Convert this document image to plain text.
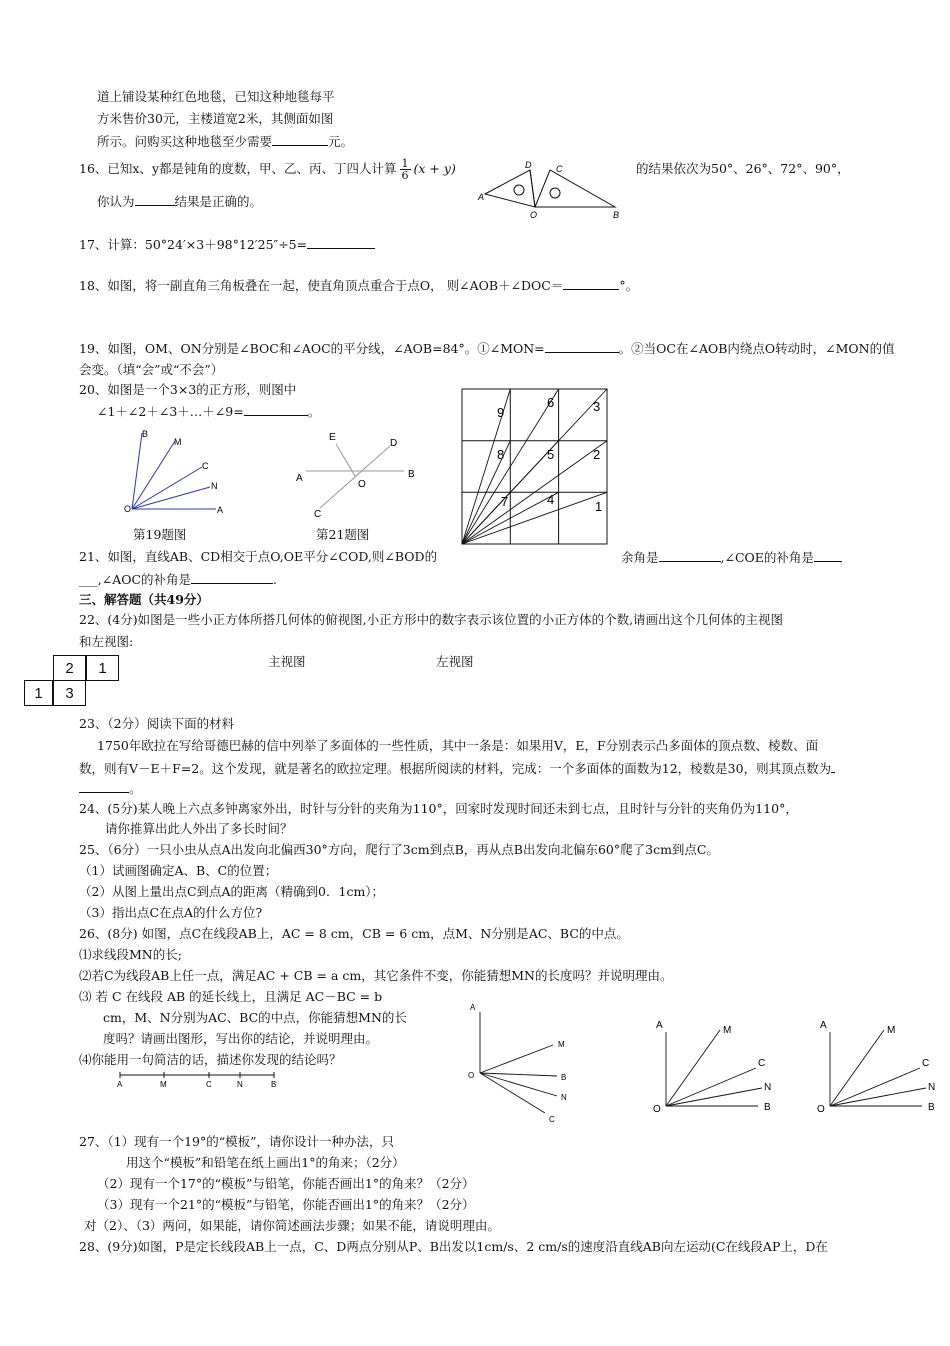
道上铺设某种红色地毯，已知这种地毯每平
方米售价30元，主楼道宽2米，其侧面如图
所示。问购买这种地毯至少需要	元。
16、已知x、y都是钝角的度数，甲、乙、丙、丁四人计算 $\frac{1}{6} (x + y)$	的结果依次为50°、26°、72°、90°，
你认为	结果是正确的。	A
D	C
O	B
17、计算：50°24′×3＋98°12′25″÷5=
18、如图，将一副直角三角板叠在一起，使直角顶点重合于点O， 则∠AOB＋∠DOC＝	°。
19、如图，OM、ON分别是∠BOC和∠AOC的平分线，∠AOB=84°。①∠MON=	。②当OC在∠AOB内绕点O转动时，∠MON的值
会变。（填“会”或“不会”）
20、如图是一个3×3的正方形，则图中
∠1＋∠2＋∠3＋…＋∠9=	。	9
6	3
8	5	2
7	4	1
B
M
C
N
O	A
第19题图
E
D
A	B
O
C
第21题图
21、如图，直线AB、CD相交于点O,OE平分∠COD,则∠BOD的	余角是	,∠COE的补角是
___,∠AOC的补角是	.
三、解答题（共49分）
22、(4分)如图是一些小正方体所搭几何体的俯视图,小正方形中的数字表示该位置的小正方体的个数,请画出这个几何体的主视图
和左视图:
主视图	左视图
2	1
1	3
23、（2分）阅读下面的材料
1750年欧拉在写给哥德巴赫的信中列举了多面体的一些性质，其中一条是：如果用V，E，F分别表示凸多面体的顶点数、棱数、面
数，则有V－E＋F=2。这个发现，就是著名的欧拉定理。根据所阅读的材料，完成：一个多面体的面数为12，棱数是30，则其顶点数为
。
24、(5分)某人晚上六点多钟离家外出，时针与分针的夹角为110°，回家时发现时间还未到七点，且时针与分针的夹角仍为110°，
请你推算出此人外出了多长时间？
25、（6分）一只小虫从点A出发向北偏西30°方向，爬行了3cm到点B，再从点B出发向北偏东60°爬了3cm到点C。
（1）试画图确定A、B、C的位置；
（2）从图上量出点C到点A的距离（精确到0．1cm）；
（3）指出点C在点A的什么方位?
26、(8分) 如图，点C在线段AB上，AC = 8 cm，CB = 6 cm，点M、N分别是AC、BC的中点。
⑴求线段MN的长;
⑵若C为线段AB上任一点，满足AC + CB = a cm，其它条件不变，你能猜想MN的长度吗？并说明理由。
⑶ 若 C 在线段 AB 的延长线上，且满足 AC－BC = b
cm，M、N分别为AC、BC的中点，你能猜想MN的长
度吗？请画出图形，写出你的结论，并说明理由。
⑷你能用一句简洁的话，描述你发现的结论吗？
A	M	C	N	B
A
M
O	B
N
C
A	M
C
N
O	B
A	M
C
N
O	B
27、（1）现有一个19°的“模板”，请你设计一种办法，只
用这个“模板”和铅笔在纸上画出1°的角来；（2分）
（2）现有一个17°的“模板”与铅笔，你能否画出1°的角来？（2分）
（3）现有一个21°的“模板”与铅笔，你能否画出1°的角来？（2分）
对（2）、（3）两问，如果能，请你简述画法步骤；如果不能，请说明理由。
28、(9分)如图，P是定长线段AB上一点，C、D两点分别从P、B出发以1cm/s、2 cm/s的速度沿直线AB向左运动(C在线段AP上，D在
